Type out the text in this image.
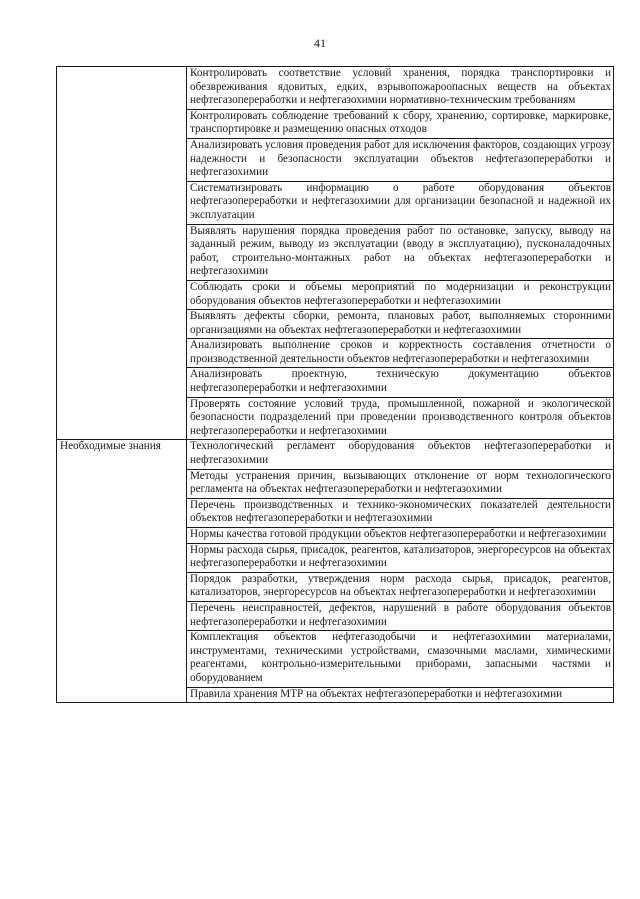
41
	Контролировать соответствие условий хранения, порядка транспортировки и обезвреживания ядовитых, едких, взрывопожароопасных веществ на объектах нефтегазопереработки и нефтегазохимии нормативно-техническим требованиям
	Контролировать соблюдение требований к сбору, хранению, сортировке, маркировке, транспортировке и размещению опасных отходов
	Анализировать условия проведения работ для исключения факторов, создающих угрозу надежности и безопасности эксплуатации объектов нефтегазопереработки и нефтегазохимии
	Систематизировать информацию о работе оборудования объектов нефтегазопереработки и нефтегазохимии для организации безопасной и надежной их эксплуатации
	Выявлять нарушения порядка проведения работ по остановке, запуску, выводу на заданный режим, выводу из эксплуатации (вводу в эксплуатацию), пусконаладочных работ, строительно-монтажных работ на объектах нефтегазопереработки и нефтегазохимии
	Соблюдать сроки и объемы мероприятий по модернизации и реконструкции оборудования объектов нефтегазопереработки и нефтегазохимии
	Выявлять дефекты сборки, ремонта, плановых работ, выполняемых сторонними организациями на объектах нефтегазопереработки и нефтегазохимии
	Анализировать выполнение сроков и корректность составления отчетности о производственной деятельности объектов нефтегазопереработки и нефтегазохимии
	Анализировать проектную, техническую документацию объектов нефтегазопереработки и нефтегазохимии
	Проверять состояние условий труда, промышленной, пожарной и экологической безопасности подразделений при проведении производственного контроля объектов нефтегазопереработки и нефтегазохимии
Необходимые знания	Технологический регламент оборудования объектов нефтегазопереработки и нефтегазохимии
	Методы устранения причин, вызывающих отклонение от норм технологического регламента на объектах нефтегазопереработки и нефтегазохимии
	Перечень производственных и технико-экономических показателей деятельности объектов нефтегазопереработки и нефтегазохимии
	Нормы качества готовой продукции объектов нефтегазопереработки и нефтегазохимии
	Нормы расхода сырья, присадок, реагентов, катализаторов, энергоресурсов на объектах нефтегазопереработки и нефтегазохимии
	Порядок разработки, утверждения норм расхода сырья, присадок, реагентов, катализаторов, энергоресурсов на объектах нефтегазопереработки и нефтегазохимии
	Перечень неисправностей, дефектов, нарушений в работе оборудования объектов нефтегазопереработки и нефтегазохимии
	Комплектация объектов нефтегазодобычи и нефтегазохимии материалами, инструментами, техническими устройствами, смазочными маслами, химическими реагентами, контрольно-измерительными приборами, запасными частями и оборудованием
	Правила хранения МТР на объектах нефтегазопереработки и нефтегазохимии
